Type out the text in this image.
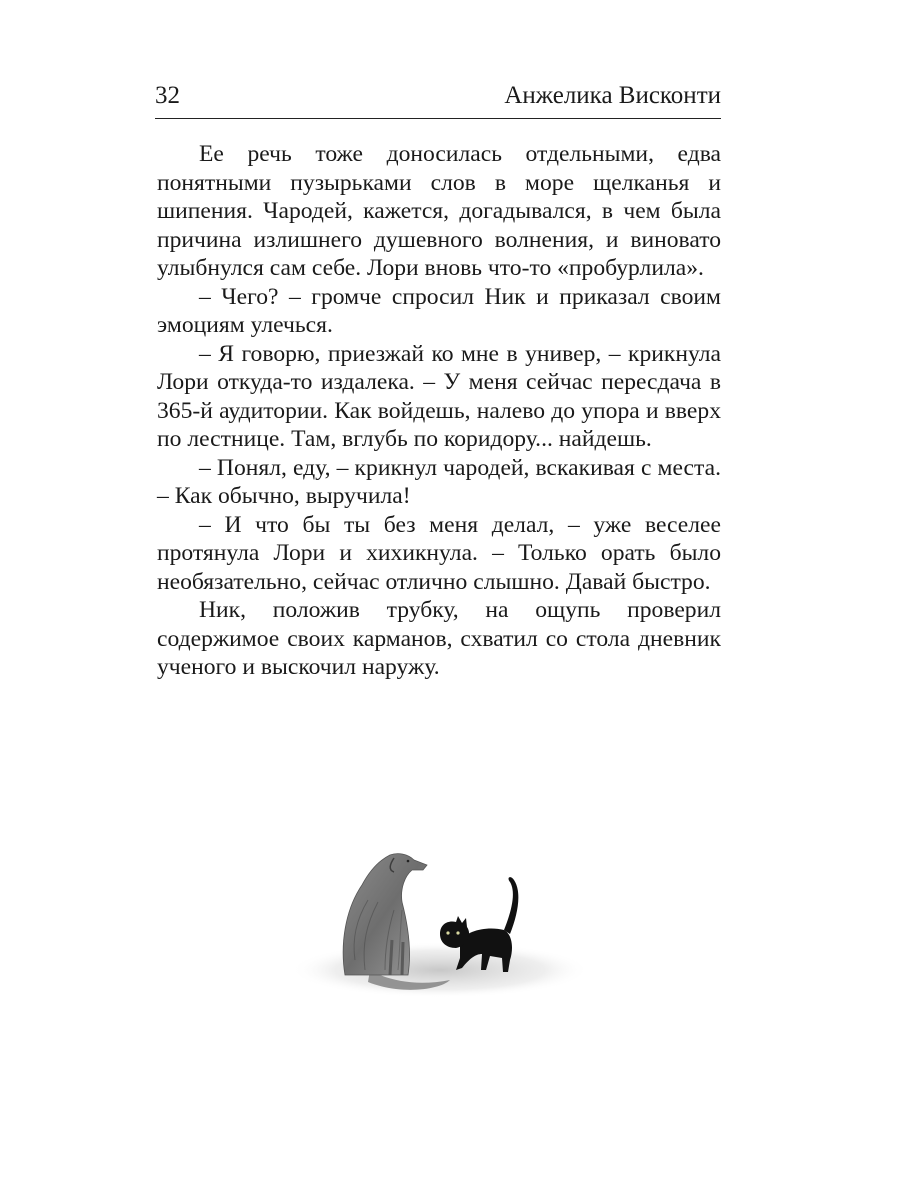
32	Анжелика Висконти

Ее речь тоже доносилась отдельными, едва понятными пузырьками слов в море щелканья и шипения. Чародей, кажется, догадывался, в чем была причина излишнего душевного волнения, и виновато улыбнулся сам себе. Лори вновь что-то «пробурлила».

– Чего? – громче спросил Ник и приказал своим эмоциям улечься.

– Я говорю, приезжай ко мне в универ, – крикнула Лори откуда-то издалека. – У меня сейчас пересдача в 365-й аудитории. Как войдешь, налево до упора и вверх по лестнице. Там, вглубь по коридору... найдешь.

– Понял, еду, – крикнул чародей, вскакивая с места. – Как обычно, выручила!

– И что бы ты без меня делал, – уже веселее протянула Лори и хихикнула. – Только орать было необязательно, сейчас отлично слышно. Давай быстро.

Ник, положив трубку, на ощупь проверил содержимое своих карманов, схватил со стола дневник ученого и выскочил наружу.
